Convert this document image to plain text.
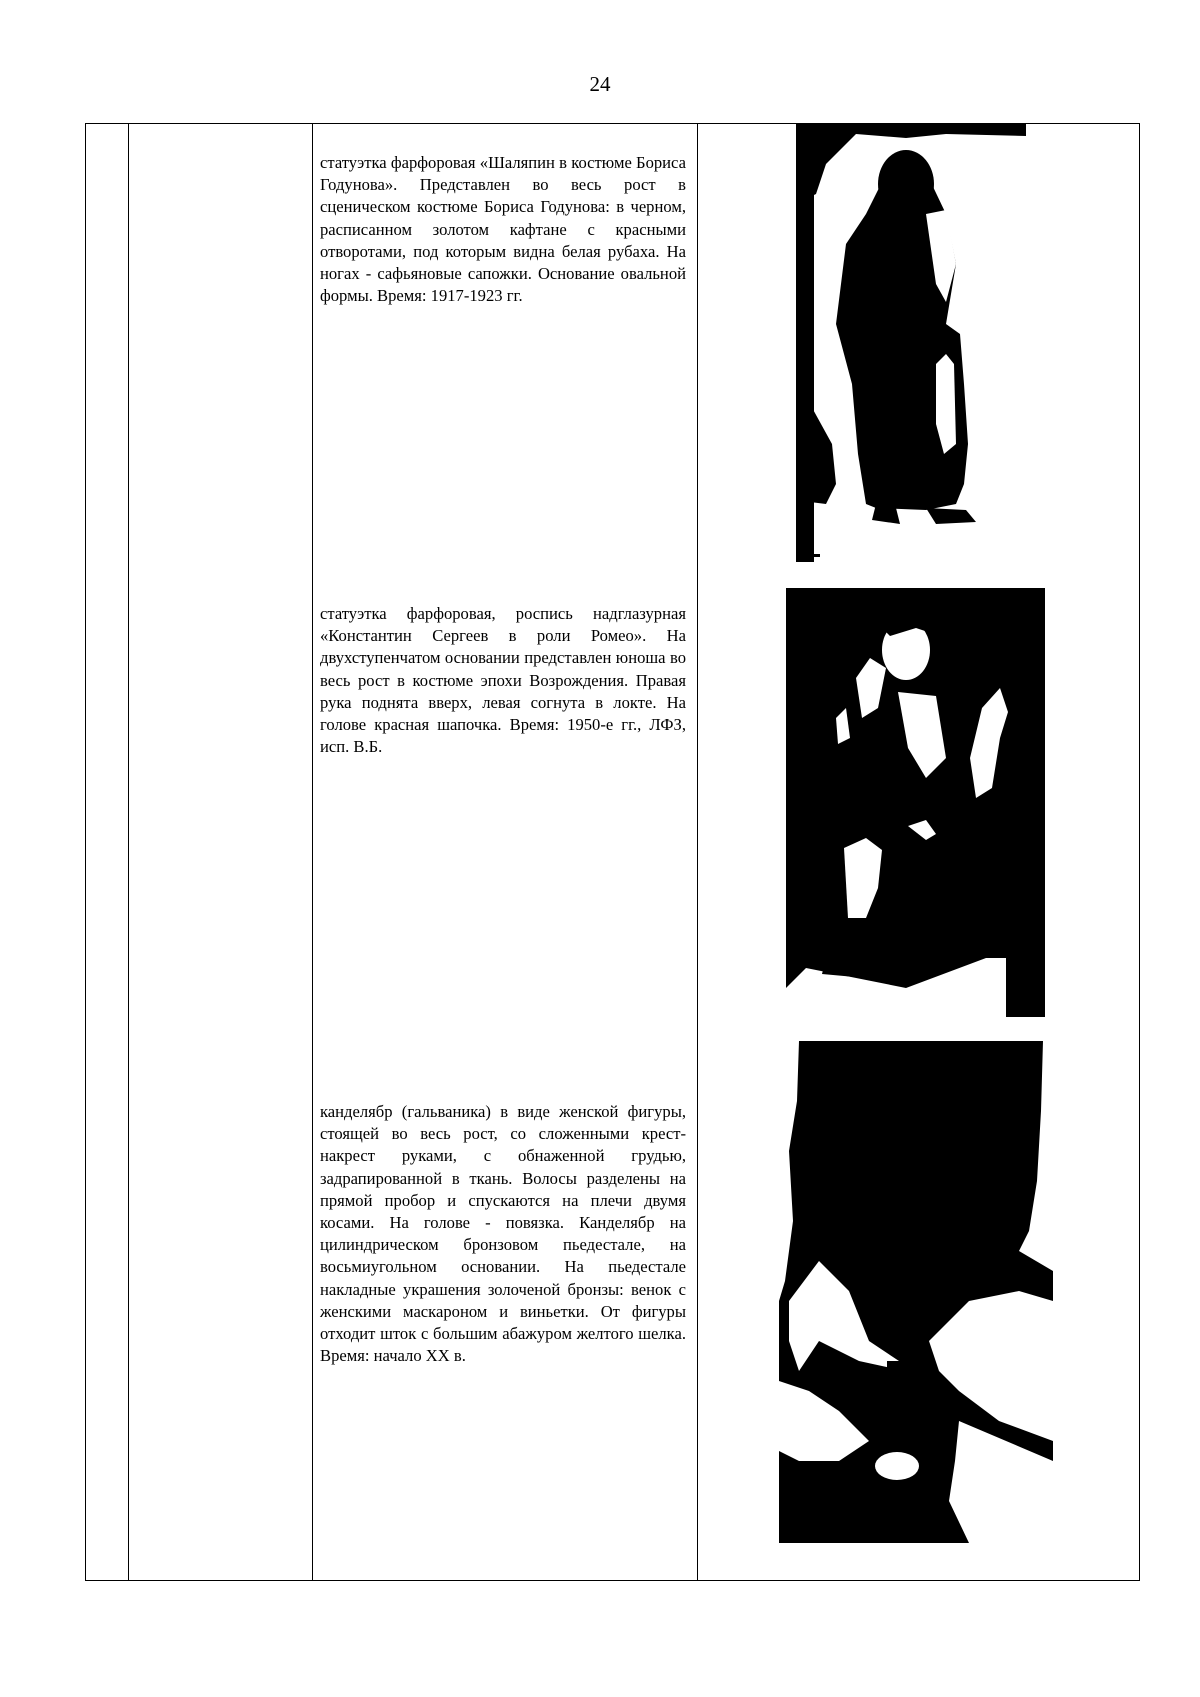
24
статуэтка фарфоровая «Шаляпин в костюме Бориса Годунова». Представлен во весь рост в сценическом костюме Бориса Годунова: в черном, расписанном золотом кафтане с красными отворотами, под которым видна белая рубаха. На ногах - сафьяновые сапожки. Основание овальной формы. Время: 1917-1923 гг.
статуэтка фарфоровая, роспись надглазурная «Константин Сергеев в роли Ромео». На двухступенчатом основании представлен юноша во весь рост в костюме эпохи Возрождения. Правая рука поднята вверх, левая согнута в локте. На голове красная шапочка. Время: 1950-е гг., ЛФЗ, исп. В.Б.
канделябр (гальваника) в виде женской фигуры, стоящей во весь рост, со сложенными крест-накрест руками, с обнаженной грудью, задрапированной в ткань. Волосы разделены на прямой пробор и спускаются на плечи двумя косами. На голове - повязка. Канделябр на цилиндрическом бронзовом пьедестале, на восьмиугольном основании. На пьедестале накладные украшения золоченой бронзы: венок с женскими маскароном и виньетки. От фигуры отходит шток с большим абажуром желтого шелка. Время: начало XX в.
